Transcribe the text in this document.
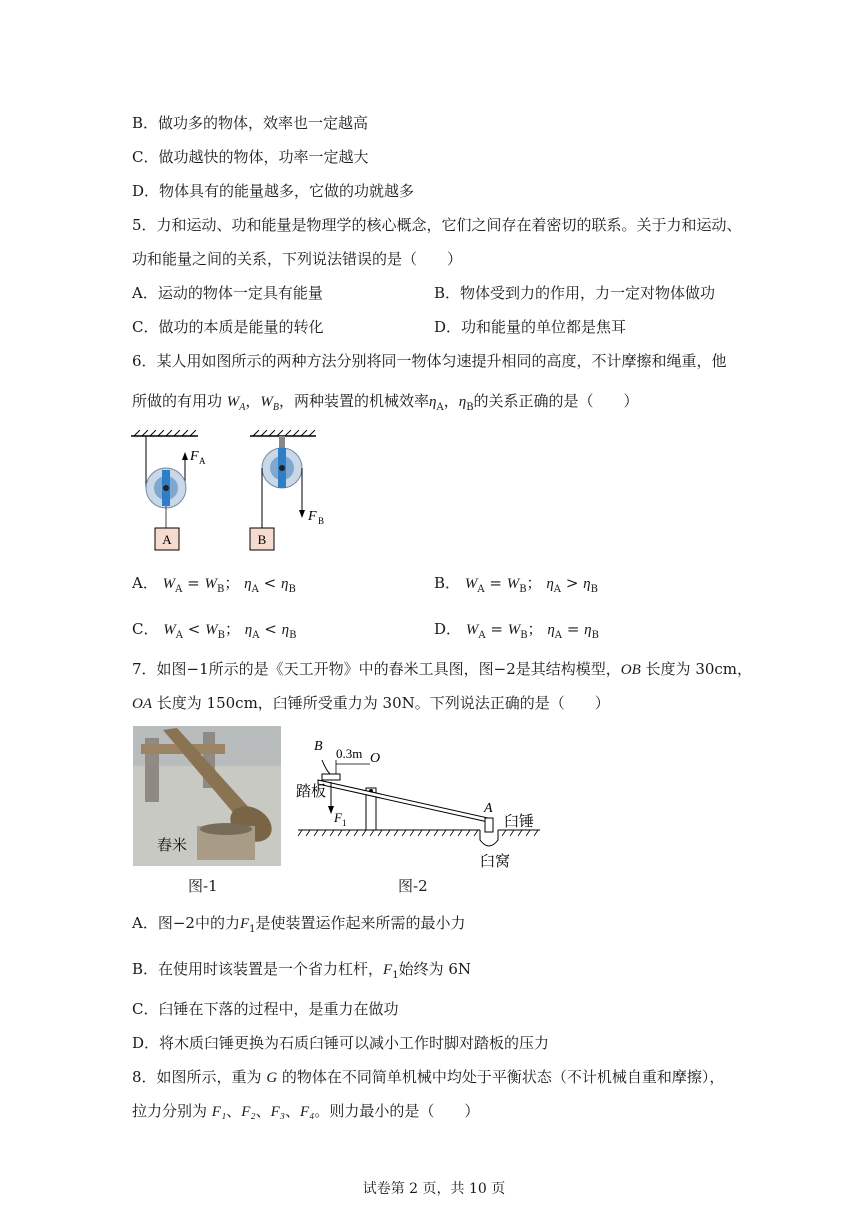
B．做功多的物体，效率也一定越高
C．做功越快的物体，功率一定越大
D．物体具有的能量越多，它做的功就越多
5．力和运动、功和能量是物理学的核心概念，它们之间存在着密切的联系。关于力和运动、
功和能量之间的关系，下列说法错误的是（　　）
A．运动的物体一定具有能量	B．物体受到力的作用，力一定对物体做功
C．做功的本质是能量的转化	D．功和能量的单位都是焦耳
6．某人用如图所示的两种方法分别将同一物体匀速提升相同的高度，不计摩擦和绳重，他
所做的有用功 $W_A$，$W_B$，两种装置的机械效率$\eta_A$，$\eta_B$的关系正确的是（　　）
A
F A
B
F B
A． $W_A = W_B$； $\eta_A < \eta_B$	B． $W_A = W_B$； $\eta_A > \eta_B$
C． $W_A < W_B$； $\eta_A < \eta_B$	D． $W_A = W_B$； $\eta_A = \eta_B$
7．如图−1所示的是《天工开物》中的舂米工具图，图−2是其结构模型，OB 长度为 30cm，
OA 长度为 150cm，臼锤所受重力为 30N。下列说法正确的是（　　）
舂米
B 0.3m O
踏板
F 1
A
臼锤
臼窝
图-1	图-2
A．图−2中的力$F_1$是使装置运作起来所需的最小力
B．在使用时该装置是一个省力杠杆，$F_1$始终为 6N
C．臼锤在下落的过程中，是重力在做功
D．将木质臼锤更换为石质臼锤可以减小工作时脚对踏板的压力
8．如图所示，重为 G 的物体在不同简单机械中均处于平衡状态（不计机械自重和摩擦），
拉力分别为 F₁、F₂、F₃、F₄。则力最小的是（　　）
试卷第 2 页，共 10 页
